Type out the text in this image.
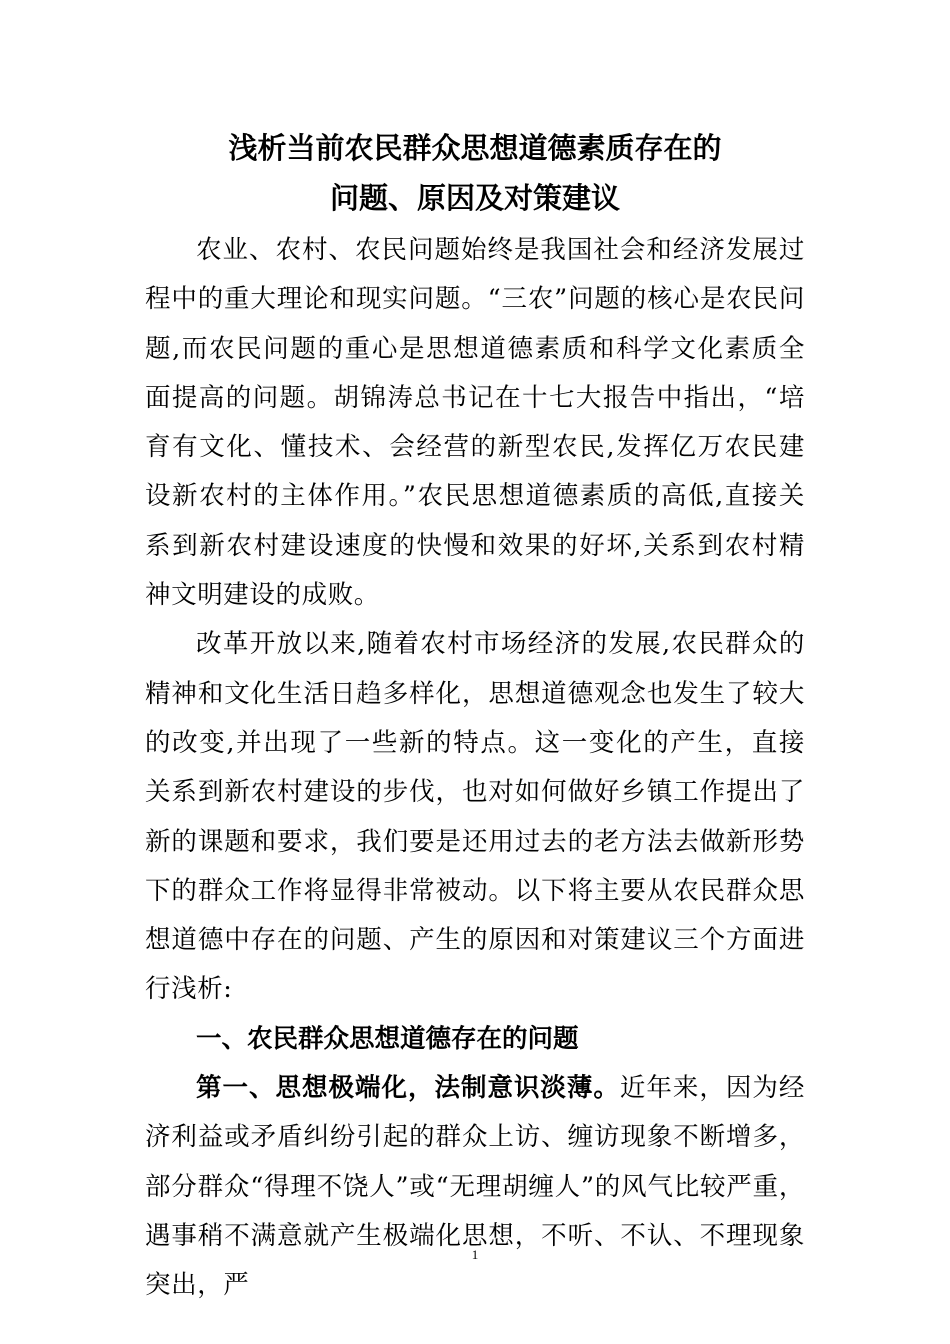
浅析当前农民群众思想道德素质存在的
问题、原因及对策建议

农业、农村、农民问题始终是我国社会和经济发展过程中的重大理论和现实问题。“三农”问题的核心是农民问题,而农民问题的重心是思想道德素质和科学文化素质全面提高的问题。胡锦涛总书记在十七大报告中指出，“培育有文化、懂技术、会经营的新型农民,发挥亿万农民建设新农村的主体作用。”农民思想道德素质的高低,直接关系到新农村建设速度的快慢和效果的好坏,关系到农村精神文明建设的成败。

改革开放以来,随着农村市场经济的发展,农民群众的精神和文化生活日趋多样化，思想道德观念也发生了较大的改变,并出现了一些新的特点。这一变化的产生，直接关系到新农村建设的步伐，也对如何做好乡镇工作提出了新的课题和要求，我们要是还用过去的老方法去做新形势下的群众工作将显得非常被动。以下将主要从农民群众思想道德中存在的问题、产生的原因和对策建议三个方面进行浅析:

一、农民群众思想道德存在的问题

第一、思想极端化，法制意识淡薄。近年来，因为经济利益或矛盾纠纷引起的群众上访、缠访现象不断增多，部分群众“得理不饶人”或“无理胡缠人”的风气比较严重，遇事稍不满意就产生极端化思想，不听、不认、不理现象突出，严

1
